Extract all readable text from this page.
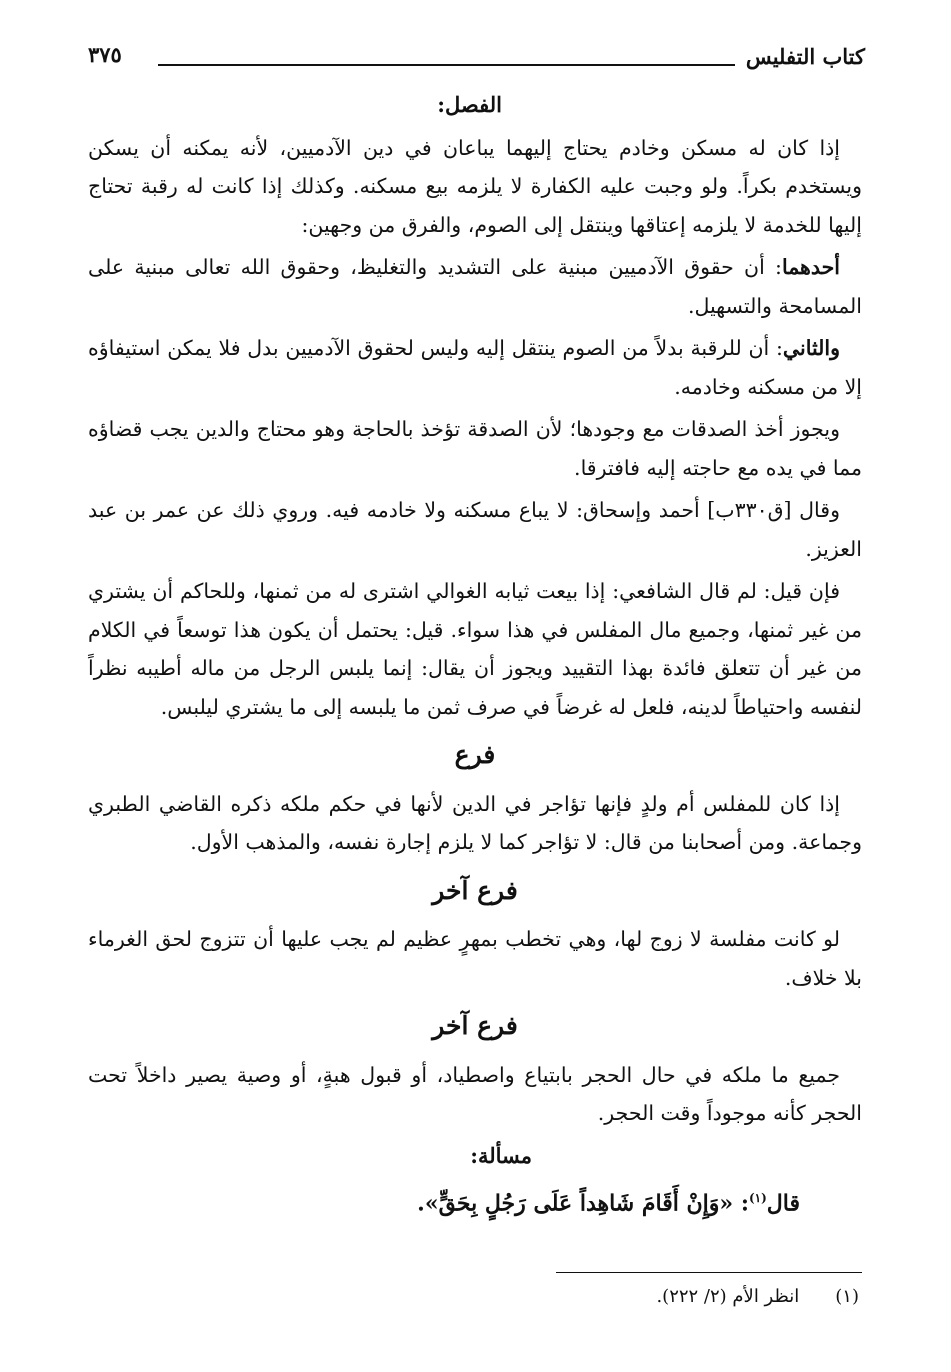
كتاب التفليس
٣٧٥
الفصل:

إذا كان له مسكن وخادم يحتاج إليهما يباعان في دين الآدميين، لأنه يمكنه أن يسكن ويستخدم بكراً. ولو وجبت عليه الكفارة لا يلزمه بيع مسكنه. وكذلك إذا كانت له رقبة تحتاج إليها للخدمة لا يلزمه إعتاقها وينتقل إلى الصوم، والفرق من وجهين:

أحدهما: أن حقوق الآدميين مبنية على التشديد والتغليظ، وحقوق الله تعالى مبنية على المسامحة والتسهيل.

والثاني: أن للرقبة بدلاً من الصوم ينتقل إليه وليس لحقوق الآدميين بدل فلا يمكن استيفاؤه إلا من مسكنه وخادمه.

ويجوز أخذ الصدقات مع وجودها؛ لأن الصدقة تؤخذ بالحاجة وهو محتاج والدين يجب قضاؤه مما في يده مع حاجته إليه فافترقا.

وقال [ق٣٣٠ب] أحمد وإسحاق: لا يباع مسكنه ولا خادمه فيه. وروي ذلك عن عمر بن عبد العزيز.

فإن قيل: لم قال الشافعي: إذا بيعت ثيابه الغوالي اشترى له من ثمنها، وللحاكم أن يشتري من غير ثمنها، وجميع مال المفلس في هذا سواء. قيل: يحتمل أن يكون هذا توسعاً في الكلام من غير أن تتعلق فائدة بهذا التقييد ويجوز أن يقال: إنما يلبس الرجل من ماله أطيبه نظراً لنفسه واحتياطاً لدينه، فلعل له غرضاً في صرف ثمن ما يلبسه إلى ما يشتري ليلبس.

فرع

إذا كان للمفلس أم ولدٍ فإنها تؤاجر في الدين لأنها في حكم ملكه ذكره القاضي الطبري وجماعة. ومن أصحابنا من قال: لا تؤاجر كما لا يلزم إجارة نفسه، والمذهب الأول.

فرع آخر

لو كانت مفلسة لا زوج لها، وهي تخطب بمهرٍ عظيم لم يجب عليها أن تتزوج لحق الغرماء بلا خلاف.

فرع آخر

جميع ما ملكه في حال الحجر بابتياع واصطياد، أو قبول هبةٍ، أو وصية يصير داخلاً تحت الحجر كأنه موجوداً وقت الحجر.

مسألة:

قال$^{(١)}$: «وَإِنْ أَقَامَ شَاهِداً عَلَى رَجُلٍ بِحَقٍّ».

(١)انظر الأم (٢/ ٢٢٢).
